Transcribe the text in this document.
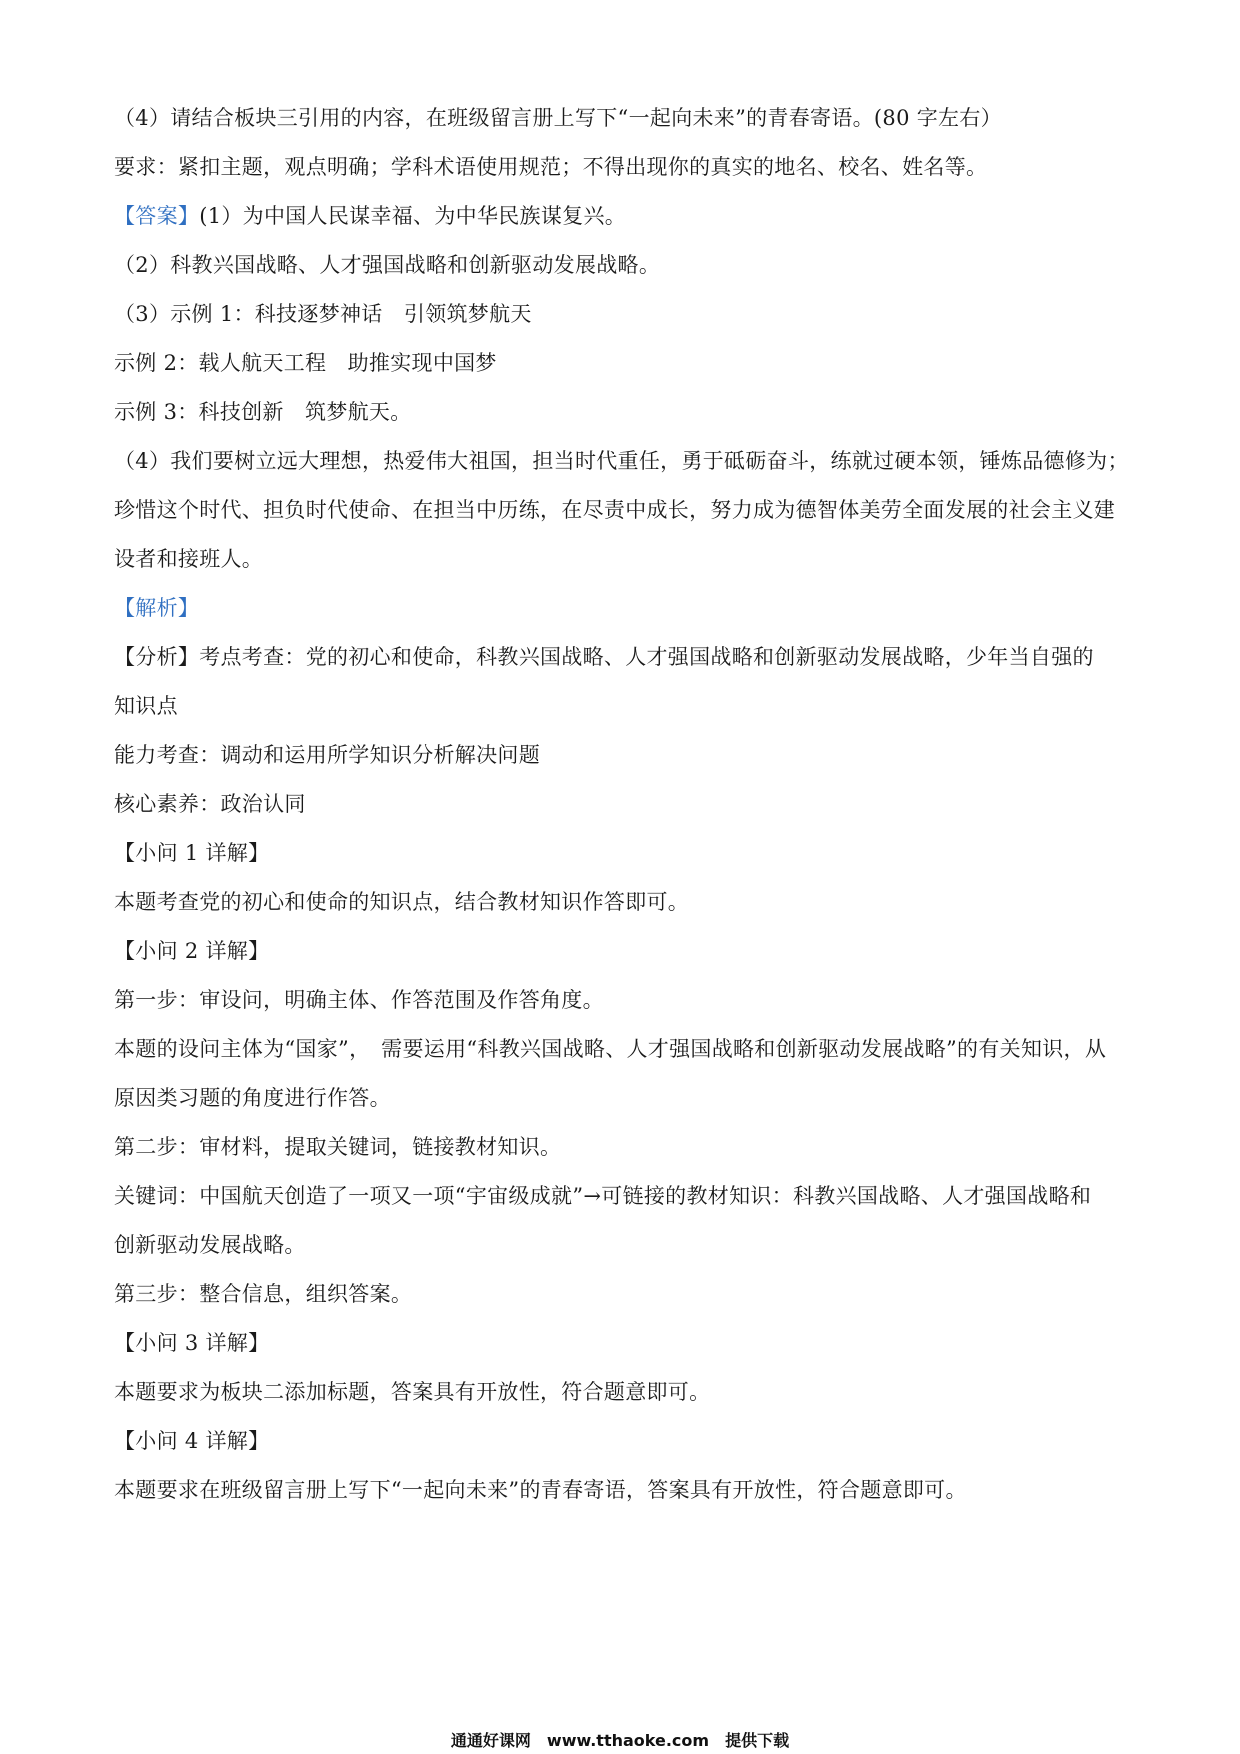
（4）请结合板块三引用的内容，在班级留言册上写下“一起向未来”的青春寄语。(80 字左右）
要求：紧扣主题，观点明确；学科术语使用规范；不得出现你的真实的地名、校名、姓名等。
【答案】(1）为中国人民谋幸福、为中华民族谋复兴。
（2）科教兴国战略、人才强国战略和创新驱动发展战略。
（3）示例 1：科技逐梦神话　引领筑梦航天
示例 2：载人航天工程　助推实现中国梦
示例 3：科技创新　筑梦航天。
（4）我们要树立远大理想，热爱伟大祖国，担当时代重任，勇于砥砺奋斗，练就过硬本领，锤炼品德修为；
珍惜这个时代、担负时代使命、在担当中历练，在尽责中成长，努力成为德智体美劳全面发展的社会主义建
设者和接班人。
【解析】
【分析】考点考查：党的初心和使命，科教兴国战略、人才强国战略和创新驱动发展战略，少年当自强的
知识点
能力考查：调动和运用所学知识分析解决问题
核心素养：政治认同
【小问 1 详解】
本题考查党的初心和使命的知识点，结合教材知识作答即可。
【小问 2 详解】
第一步：审设问，明确主体、作答范围及作答角度。
本题的设问主体为“国家”，　需要运用“科教兴国战略、人才强国战略和创新驱动发展战略”的有关知识，从
原因类习题的角度进行作答。
第二步：审材料，提取关键词，链接教材知识。
关键词：中国航天创造了一项又一项“宇宙级成就”→可链接的教材知识：科教兴国战略、人才强国战略和
创新驱动发展战略。
第三步：整合信息，组织答案。
【小问 3 详解】
本题要求为板块二添加标题，答案具有开放性，符合题意即可。
【小问 4 详解】
本题要求在班级留言册上写下“一起向未来”的青春寄语，答案具有开放性，符合题意即可。
通通好课网　www.tthaoke.com　提供下载
